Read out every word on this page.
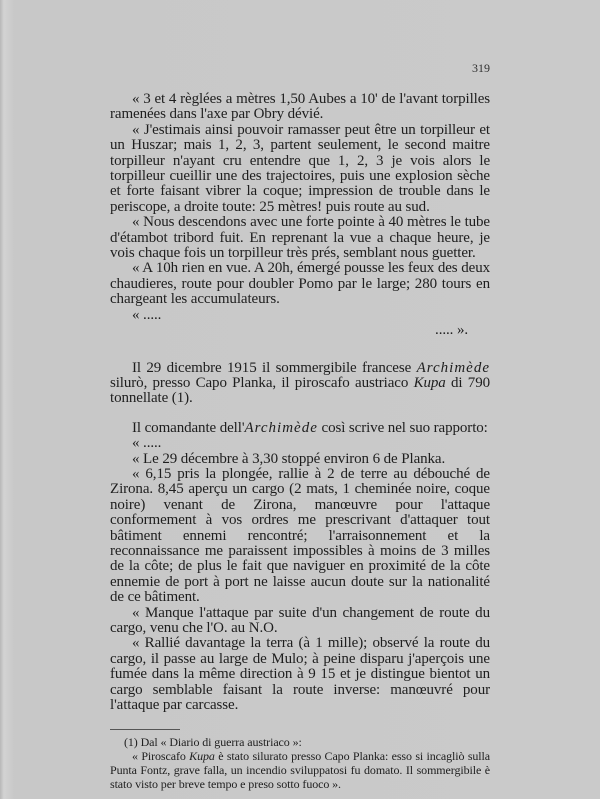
319

« 3 et 4 règlées a mètres 1,50 Aubes a 10' de l'avant torpilles ramenées dans l'axe par Obry dévié.

« J'estimais ainsi pouvoir ramasser peut être un torpilleur et un Huszar; mais 1, 2, 3, partent seulement, le second maitre torpilleur n'ayant cru entendre que 1, 2, 3 je vois alors le torpilleur cueillir une des trajectoires, puis une explosion sèche et forte faisant vibrer la coque; impression de trouble dans le periscope, a droite toute: 25 mètres! puis route au sud.

« Nous descendons avec une forte pointe à 40 mètres le tube d'étambot tribord fuit. En reprenant la vue a chaque heure, je vois chaque fois un torpilleur très prés, semblant nous guetter.

« A 10h rien en vue. A 20h, émergé pousse les feux des deux chaudieres, route pour doubler Pomo par le large; 280 tours en chargeant les accumulateurs.

« .....

..... ».

Il 29 dicembre 1915 il sommergibile francese Archimède silurò, presso Capo Planka, il piroscafo austriaco Kupa di 790 tonnellate (1).

Il comandante dell'Archimède così scrive nel suo rapporto:

« .....

« Le 29 décembre à 3,30 stoppé environ 6 de Planka.

« 6,15 pris la plongée, rallie à 2 de terre au débouché de Zirona. 8,45 aperçu un cargo (2 mats, 1 cheminée noire, coque noire) venant de Zirona, manœuvre pour l'attaque conformement à vos ordres me prescrivant d'attaquer tout bâtiment ennemi rencontré; l'arraisonnement et la reconnaissance me paraissent impossibles à moins de 3 milles de la côte; de plus le fait que naviguer en proximité de la côte ennemie de port à port ne laisse aucun doute sur la nationalité de ce bâtiment.

« Manque l'attaque par suite d'un changement de route du cargo, venu che l'O. au N.O.

« Rallié davantage la terra (à 1 mille); observé la route du cargo, il passe au large de Mulo; à peine disparu j'aperçois une fumée dans la même direction à 9 15 et je distingue bientot un cargo semblable faisant la route inverse: manœuvré pour l'attaque par carcasse.

(1) Dal « Diario di guerra austriaco »:

« Piroscafo Kupa è stato silurato presso Capo Planka: esso si incagliò sulla Punta Fontz, grave falla, un incendio sviluppatosi fu domato. Il sommergibile è stato visto per breve tempo e preso sotto fuoco ».
